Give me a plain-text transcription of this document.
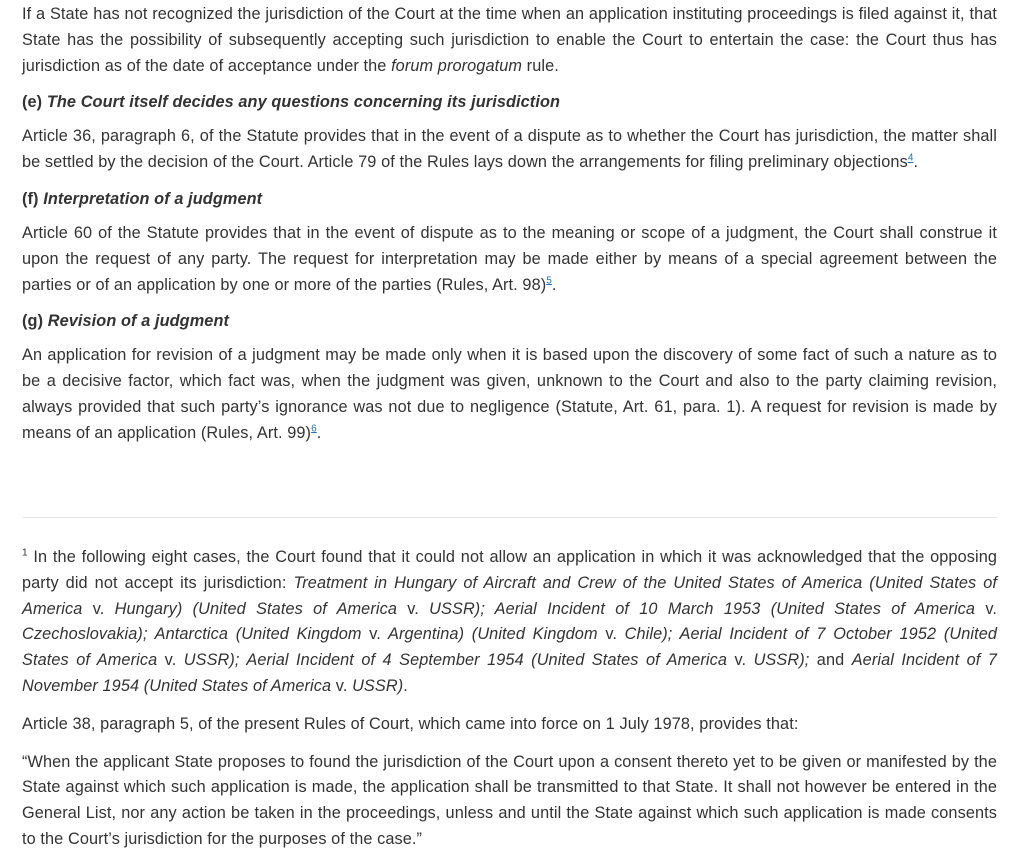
If a State has not recognized the jurisdiction of the Court at the time when an application instituting proceedings is filed against it, that State has the possibility of subsequently accepting such jurisdiction to enable the Court to entertain the case: the Court thus has jurisdiction as of the date of acceptance under the forum prorogatum rule.

(e) The Court itself decides any questions concerning its jurisdiction

Article 36, paragraph 6, of the Statute provides that in the event of a dispute as to whether the Court has jurisdiction, the matter shall be settled by the decision of the Court. Article 79 of the Rules lays down the arrangements for filing preliminary objections$^4$.

(f) Interpretation of a judgment

Article 60 of the Statute provides that in the event of dispute as to the meaning or scope of a judgment, the Court shall construe it upon the request of any party. The request for interpretation may be made either by means of a special agreement between the parties or of an application by one or more of the parties (Rules, Art. 98)$^5$.

(g) Revision of a judgment

An application for revision of a judgment may be made only when it is based upon the discovery of some fact of such a nature as to be a decisive factor, which fact was, when the judgment was given, unknown to the Court and also to the party claiming revision, always provided that such party’s ignorance was not due to negligence (Statute, Art. 61, para. 1). A request for revision is made by means of an application (Rules, Art. 99)$^6$.

$^1$ In the following eight cases, the Court found that it could not allow an application in which it was acknowledged that the opposing party did not accept its jurisdiction: Treatment in Hungary of Aircraft and Crew of the United States of America (United States of America v. Hungary) (United States of America v. USSR); Aerial Incident of 10 March 1953 (United States of America v. Czechoslovakia); Antarctica (United Kingdom v. Argentina) (United Kingdom v. Chile); Aerial Incident of 7 October 1952 (United States of America v. USSR); Aerial Incident of 4 September 1954 (United States of America v. USSR); and Aerial Incident of 7 November 1954 (United States of America v. USSR).

Article 38, paragraph 5, of the present Rules of Court, which came into force on 1 July 1978, provides that:

“When the applicant State proposes to found the jurisdiction of the Court upon a consent thereto yet to be given or manifested by the State against which such application is made, the application shall be transmitted to that State. It shall not however be entered in the General List, nor any action be taken in the proceedings, unless and until the State against which such application is made consents to the Court’s jurisdiction for the purposes of the case.”
